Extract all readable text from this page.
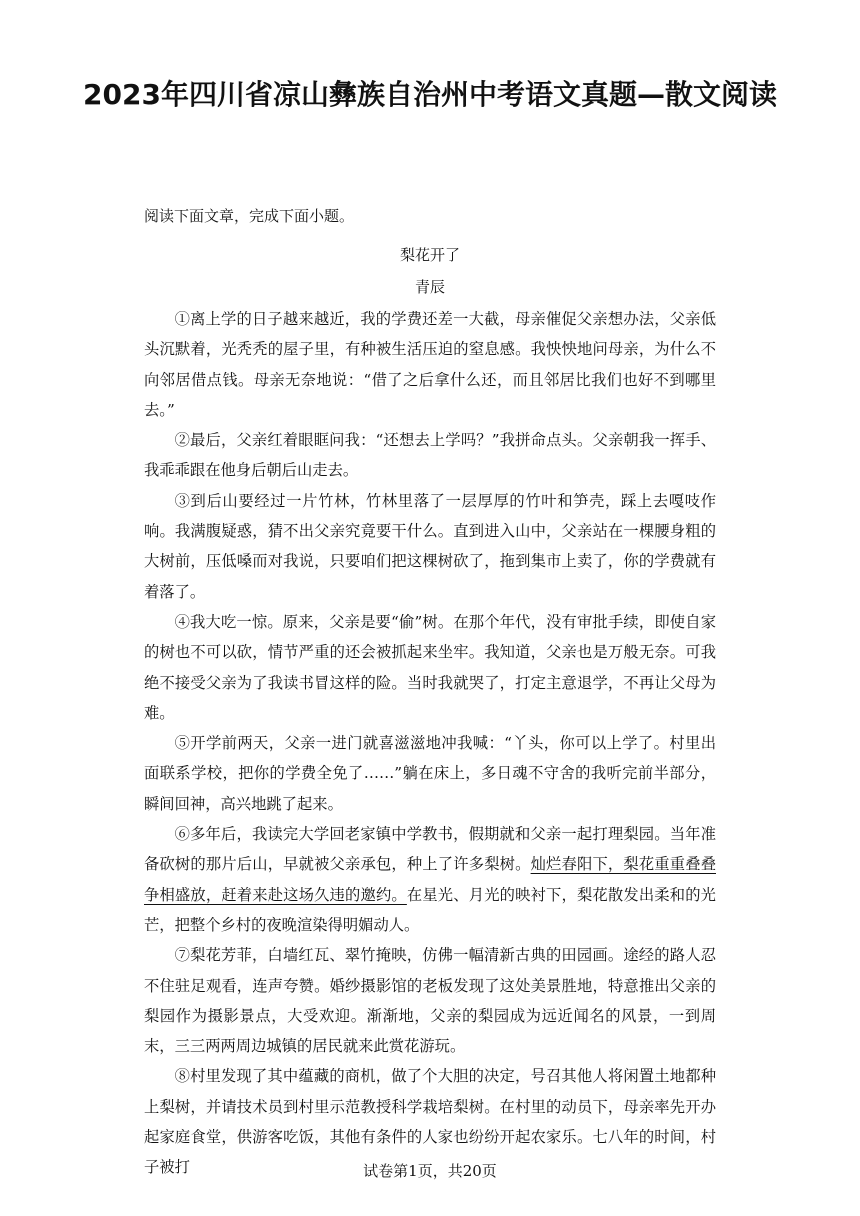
2023年四川省凉山彝族自治州中考语文真题—散文阅读
阅读下面文章，完成下面小题。
梨花开了
青辰

①离上学的日子越来越近，我的学费还差一大截，母亲催促父亲想办法，父亲低头沉默着，光秃秃的屋子里，有种被生活压迫的窒息感。我怏怏地问母亲，为什么不向邻居借点钱。母亲无奈地说：“借了之后拿什么还，而且邻居比我们也好不到哪里去。”

②最后，父亲红着眼眶问我：“还想去上学吗？”我拼命点头。父亲朝我一挥手、我乖乖跟在他身后朝后山走去。

③到后山要经过一片竹林，竹林里落了一层厚厚的竹叶和笋壳，踩上去嘎吱作响。我满腹疑惑，猜不出父亲究竟要干什么。直到进入山中，父亲站在一棵腰身粗的大树前，压低嗓而对我说，只要咱们把这棵树砍了，拖到集市上卖了，你的学费就有着落了。

④我大吃一惊。原来，父亲是要“偷”树。在那个年代，没有审批手续，即使自家的树也不可以砍，情节严重的还会被抓起来坐牢。我知道，父亲也是万般无奈。可我绝不接受父亲为了我读书冒这样的险。当时我就哭了，打定主意退学，不再让父母为难。

⑤开学前两天，父亲一进门就喜滋滋地冲我喊：“丫头，你可以上学了。村里出面联系学校，把你的学费全免了……”躺在床上，多日魂不守舍的我听完前半部分，瞬间回神，高兴地跳了起来。

⑥多年后，我读完大学回老家镇中学教书，假期就和父亲一起打理梨园。当年准备砍树的那片后山，早就被父亲承包，种上了许多梨树。灿烂春阳下，梨花重重叠叠争相盛放，赶着来赴这场久违的邀约。在星光、月光的映衬下，梨花散发出柔和的光芒，把整个乡村的夜晚渲染得明媚动人。

⑦梨花芳菲，白墙红瓦、翠竹掩映，仿佛一幅清新古典的田园画。途经的路人忍不住驻足观看，连声夸赞。婚纱摄影馆的老板发现了这处美景胜地，特意推出父亲的梨园作为摄影景点，大受欢迎。渐渐地，父亲的梨园成为远近闻名的风景，一到周末，三三两两周边城镇的居民就来此赏花游玩。

⑧村里发现了其中蕴藏的商机，做了个大胆的决定，号召其他人将闲置土地都种上梨树，并请技术员到村里示范教授科学栽培梨树。在村里的动员下，母亲率先开办起家庭食堂，供游客吃饭，其他有条件的人家也纷纷开起农家乐。七八年的时间，村子被打	试卷第1页，共20页
